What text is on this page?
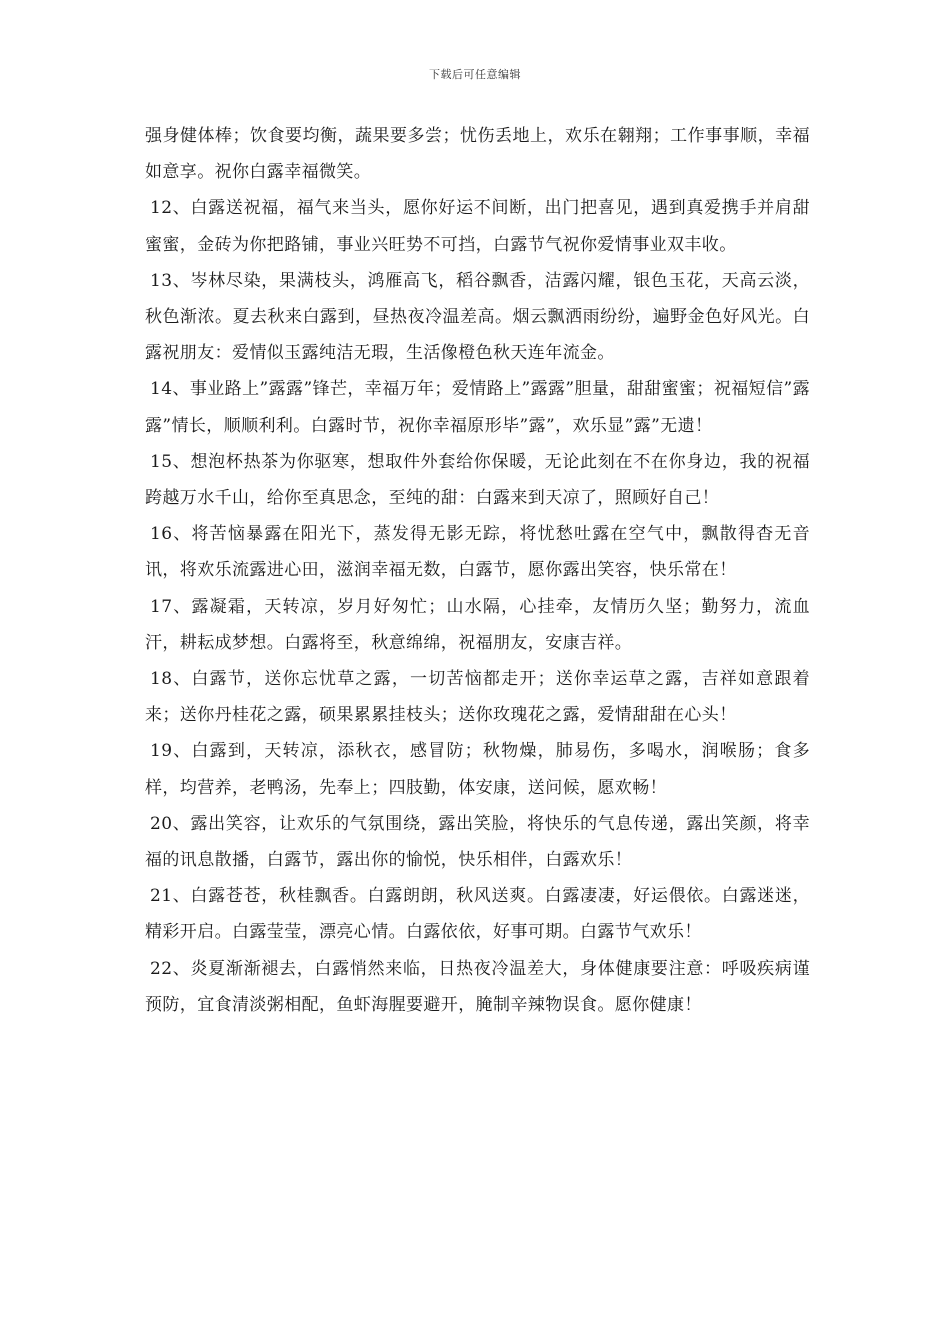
下载后可任意编辑

强身健体棒；饮食要均衡，蔬果要多尝；忧伤丢地上，欢乐在翱翔；工作事事顺，幸福如意享。祝你白露幸福微笑。

12、白露送祝福，福气来当头，愿你好运不间断，出门把喜见，遇到真爱携手并肩甜蜜蜜，金砖为你把路铺，事业兴旺势不可挡，白露节气祝你爱情事业双丰收。

13、岑林尽染，果满枝头，鸿雁高飞，稻谷飘香，洁露闪耀，银色玉花，天高云淡，秋色渐浓。夏去秋来白露到，昼热夜冷温差高。烟云飘洒雨纷纷，遍野金色好风光。白露祝朋友：爱情似玉露纯洁无瑕，生活像橙色秋天连年流金。

14、事业路上”露露”锋芒，幸福万年；爱情路上”露露”胆量，甜甜蜜蜜；祝福短信”露露”情长，顺顺利利。白露时节，祝你幸福原形毕”露”，欢乐显”露”无遗！

15、想泡杯热茶为你驱寒，想取件外套给你保暖，无论此刻在不在你身边，我的祝福跨越万水千山，给你至真思念，至纯的甜：白露来到天凉了，照顾好自己！

16、将苦恼暴露在阳光下，蒸发得无影无踪，将忧愁吐露在空气中，飘散得杳无音讯，将欢乐流露进心田，滋润幸福无数，白露节，愿你露出笑容，快乐常在！

17、露凝霜，天转凉，岁月好匆忙；山水隔，心挂牵，友情历久坚；勤努力，流血汗，耕耘成梦想。白露将至，秋意绵绵，祝福朋友，安康吉祥。

18、白露节，送你忘忧草之露，一切苦恼都走开；送你幸运草之露，吉祥如意跟着来；送你丹桂花之露，硕果累累挂枝头；送你玫瑰花之露，爱情甜甜在心头！

19、白露到，天转凉，添秋衣，感冒防；秋物燥，肺易伤，多喝水，润喉肠；食多样，均营养，老鸭汤，先奉上；四肢勤，体安康，送问候，愿欢畅！

20、露出笑容，让欢乐的气氛围绕，露出笑脸，将快乐的气息传递，露出笑颜，将幸福的讯息散播，白露节，露出你的愉悦，快乐相伴，白露欢乐！

21、白露苍苍，秋桂飘香。白露朗朗，秋风送爽。白露凄凄，好运偎依。白露迷迷，精彩开启。白露莹莹，漂亮心情。白露依依，好事可期。白露节气欢乐！

22、炎夏渐渐褪去，白露悄然来临，日热夜冷温差大，身体健康要注意：呼吸疾病谨预防，宜食清淡粥相配，鱼虾海腥要避开，腌制辛辣物误食。愿你健康！
